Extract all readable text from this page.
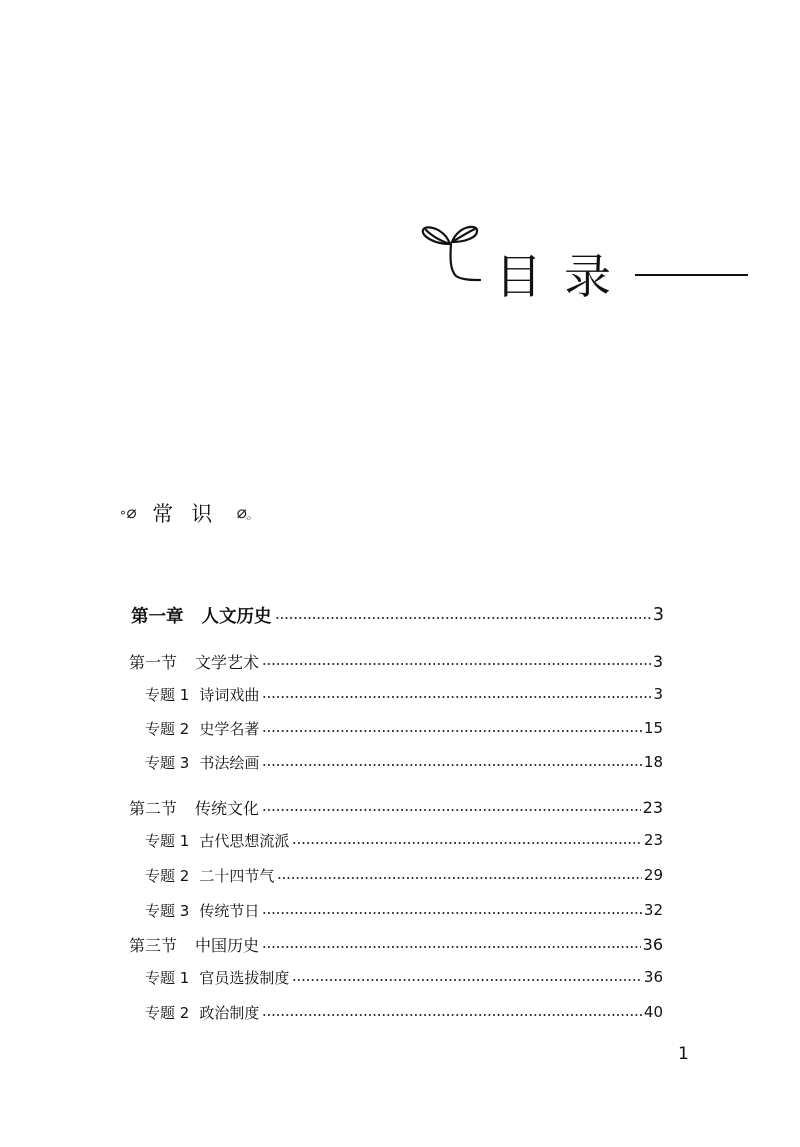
目录
°⌀ 常识 ⌀。
第一章 人文历史	3
第一节 文学艺术	3
专题 1 诗词戏曲	3
专题 2 史学名著	15
专题 3 书法绘画	18
第二节 传统文化	23
专题 1 古代思想流派	23
专题 2 二十四节气	29
专题 3 传统节日	32
第三节 中国历史	36
专题 1 官员选拔制度	36
专题 2 政治制度	40
1
